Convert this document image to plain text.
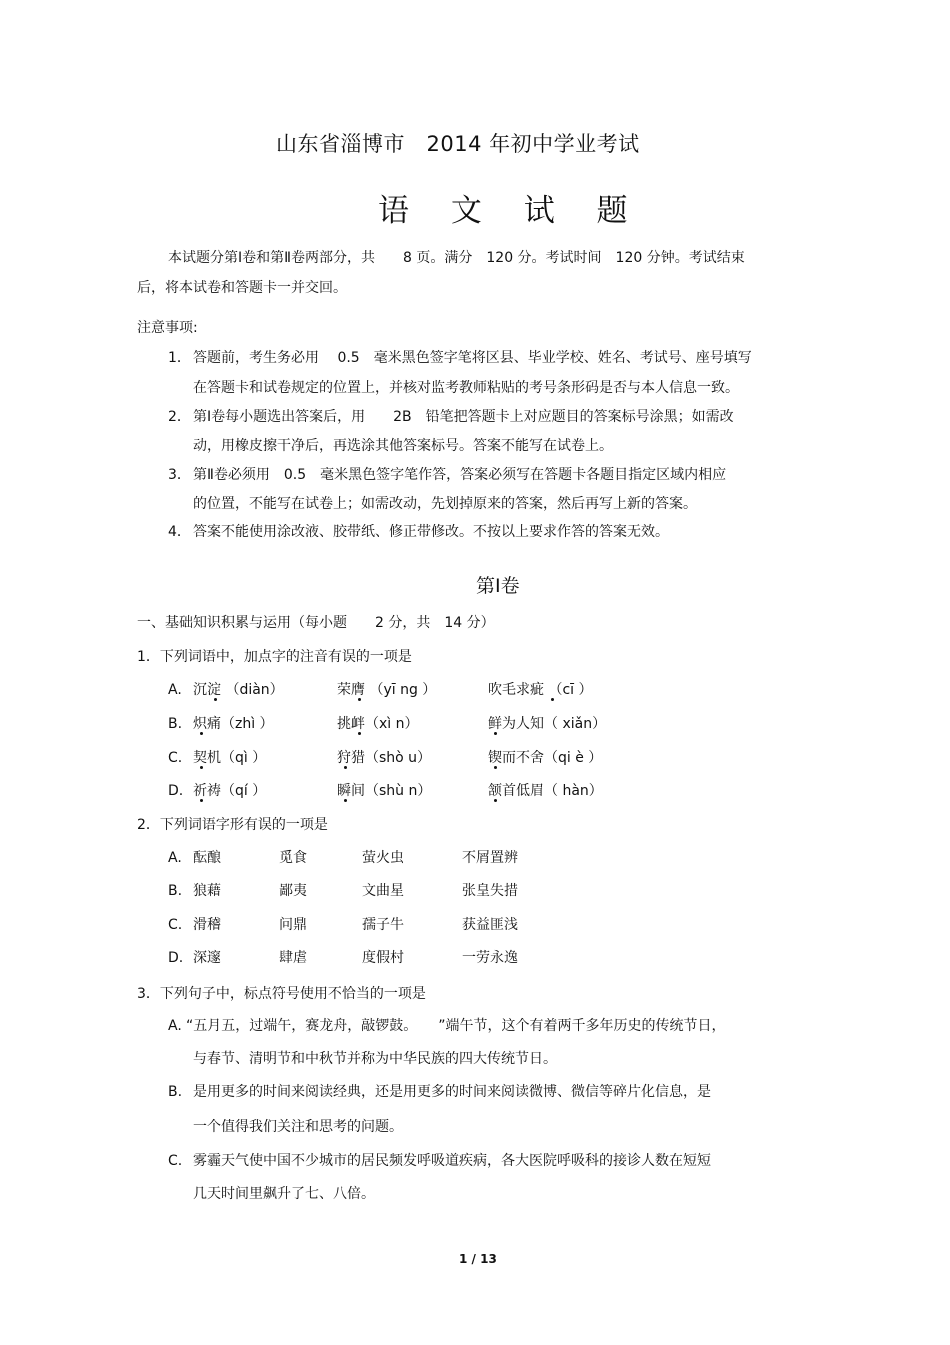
山东省淄博市　2014 年初中学业考试
语 文 试 题
本试题分第Ⅰ卷和第Ⅱ卷两部分，共　　8 页。满分　120 分。考试时间　120 分钟。考试结束
后，将本试卷和答题卡一并交回。
注意事项:
1． 答题前，考生务必用　 0.5　毫米黑色签字笔将区县、毕业学校、姓名、考试号、座号填写
在答题卡和试卷规定的位置上，并核对监考教师粘贴的考号条形码是否与本人信息一致。
2． 第Ⅰ卷每小题选出答案后，用　　2B　铅笔把答题卡上对应题目的答案标号涂黑；如需改
动，用橡皮擦干净后，再选涂其他答案标号。答案不能写在试卷上。
3． 第Ⅱ卷必须用　0.5　毫米黑色签字笔作答，答案必须写在答题卡各题目指定区域内相应
的位置，不能写在试卷上；如需改动，先划掉原来的答案，然后再写上新的答案。
4． 答案不能使用涂改液、胶带纸、修正带修改。不按以上要求作答的答案无效。
第Ⅰ卷
一、基础知识积累与运用（每小题　　2 分，共　14 分）
1．下列词语中，加点字的注音有误的一项是
A. 沉淀 （diàn）	荣膺 （yī ng ）	吹毛求疵 （cī ）
B. 炽痛（zhì ）	挑衅（xì n）	鲜为人知（ xiǎn）
C. 契机（qì ）	狩猎（shò u）	锲而不舍（qi è ）
D. 祈祷（qí ）	瞬间（shù n）	颔首低眉（ hàn）
2．下列词语字形有误的一项是
A. 酝酿	觅食	萤火虫	不屑置辨
B. 狼藉	鄙夷	文曲星	张皇失措
C. 滑稽	问鼎	孺子牛	获益匪浅
D. 深邃	肆虐	度假村	一劳永逸
3．下列句子中，标点符号使用不恰当的一项是
A. “五月五，过端午，赛龙舟，敲锣鼓。　　”端午节，这个有着两千多年历史的传统节日，
与春节、清明节和中秋节并称为中华民族的四大传统节日。
B. 是用更多的时间来阅读经典，还是用更多的时间来阅读微博、微信等碎片化信息，是
一个值得我们关注和思考的问题。
C. 雾霾天气使中国不少城市的居民频发呼吸道疾病，各大医院呼吸科的接诊人数在短短
几天时间里飙升了七、八倍。
1 / 13
